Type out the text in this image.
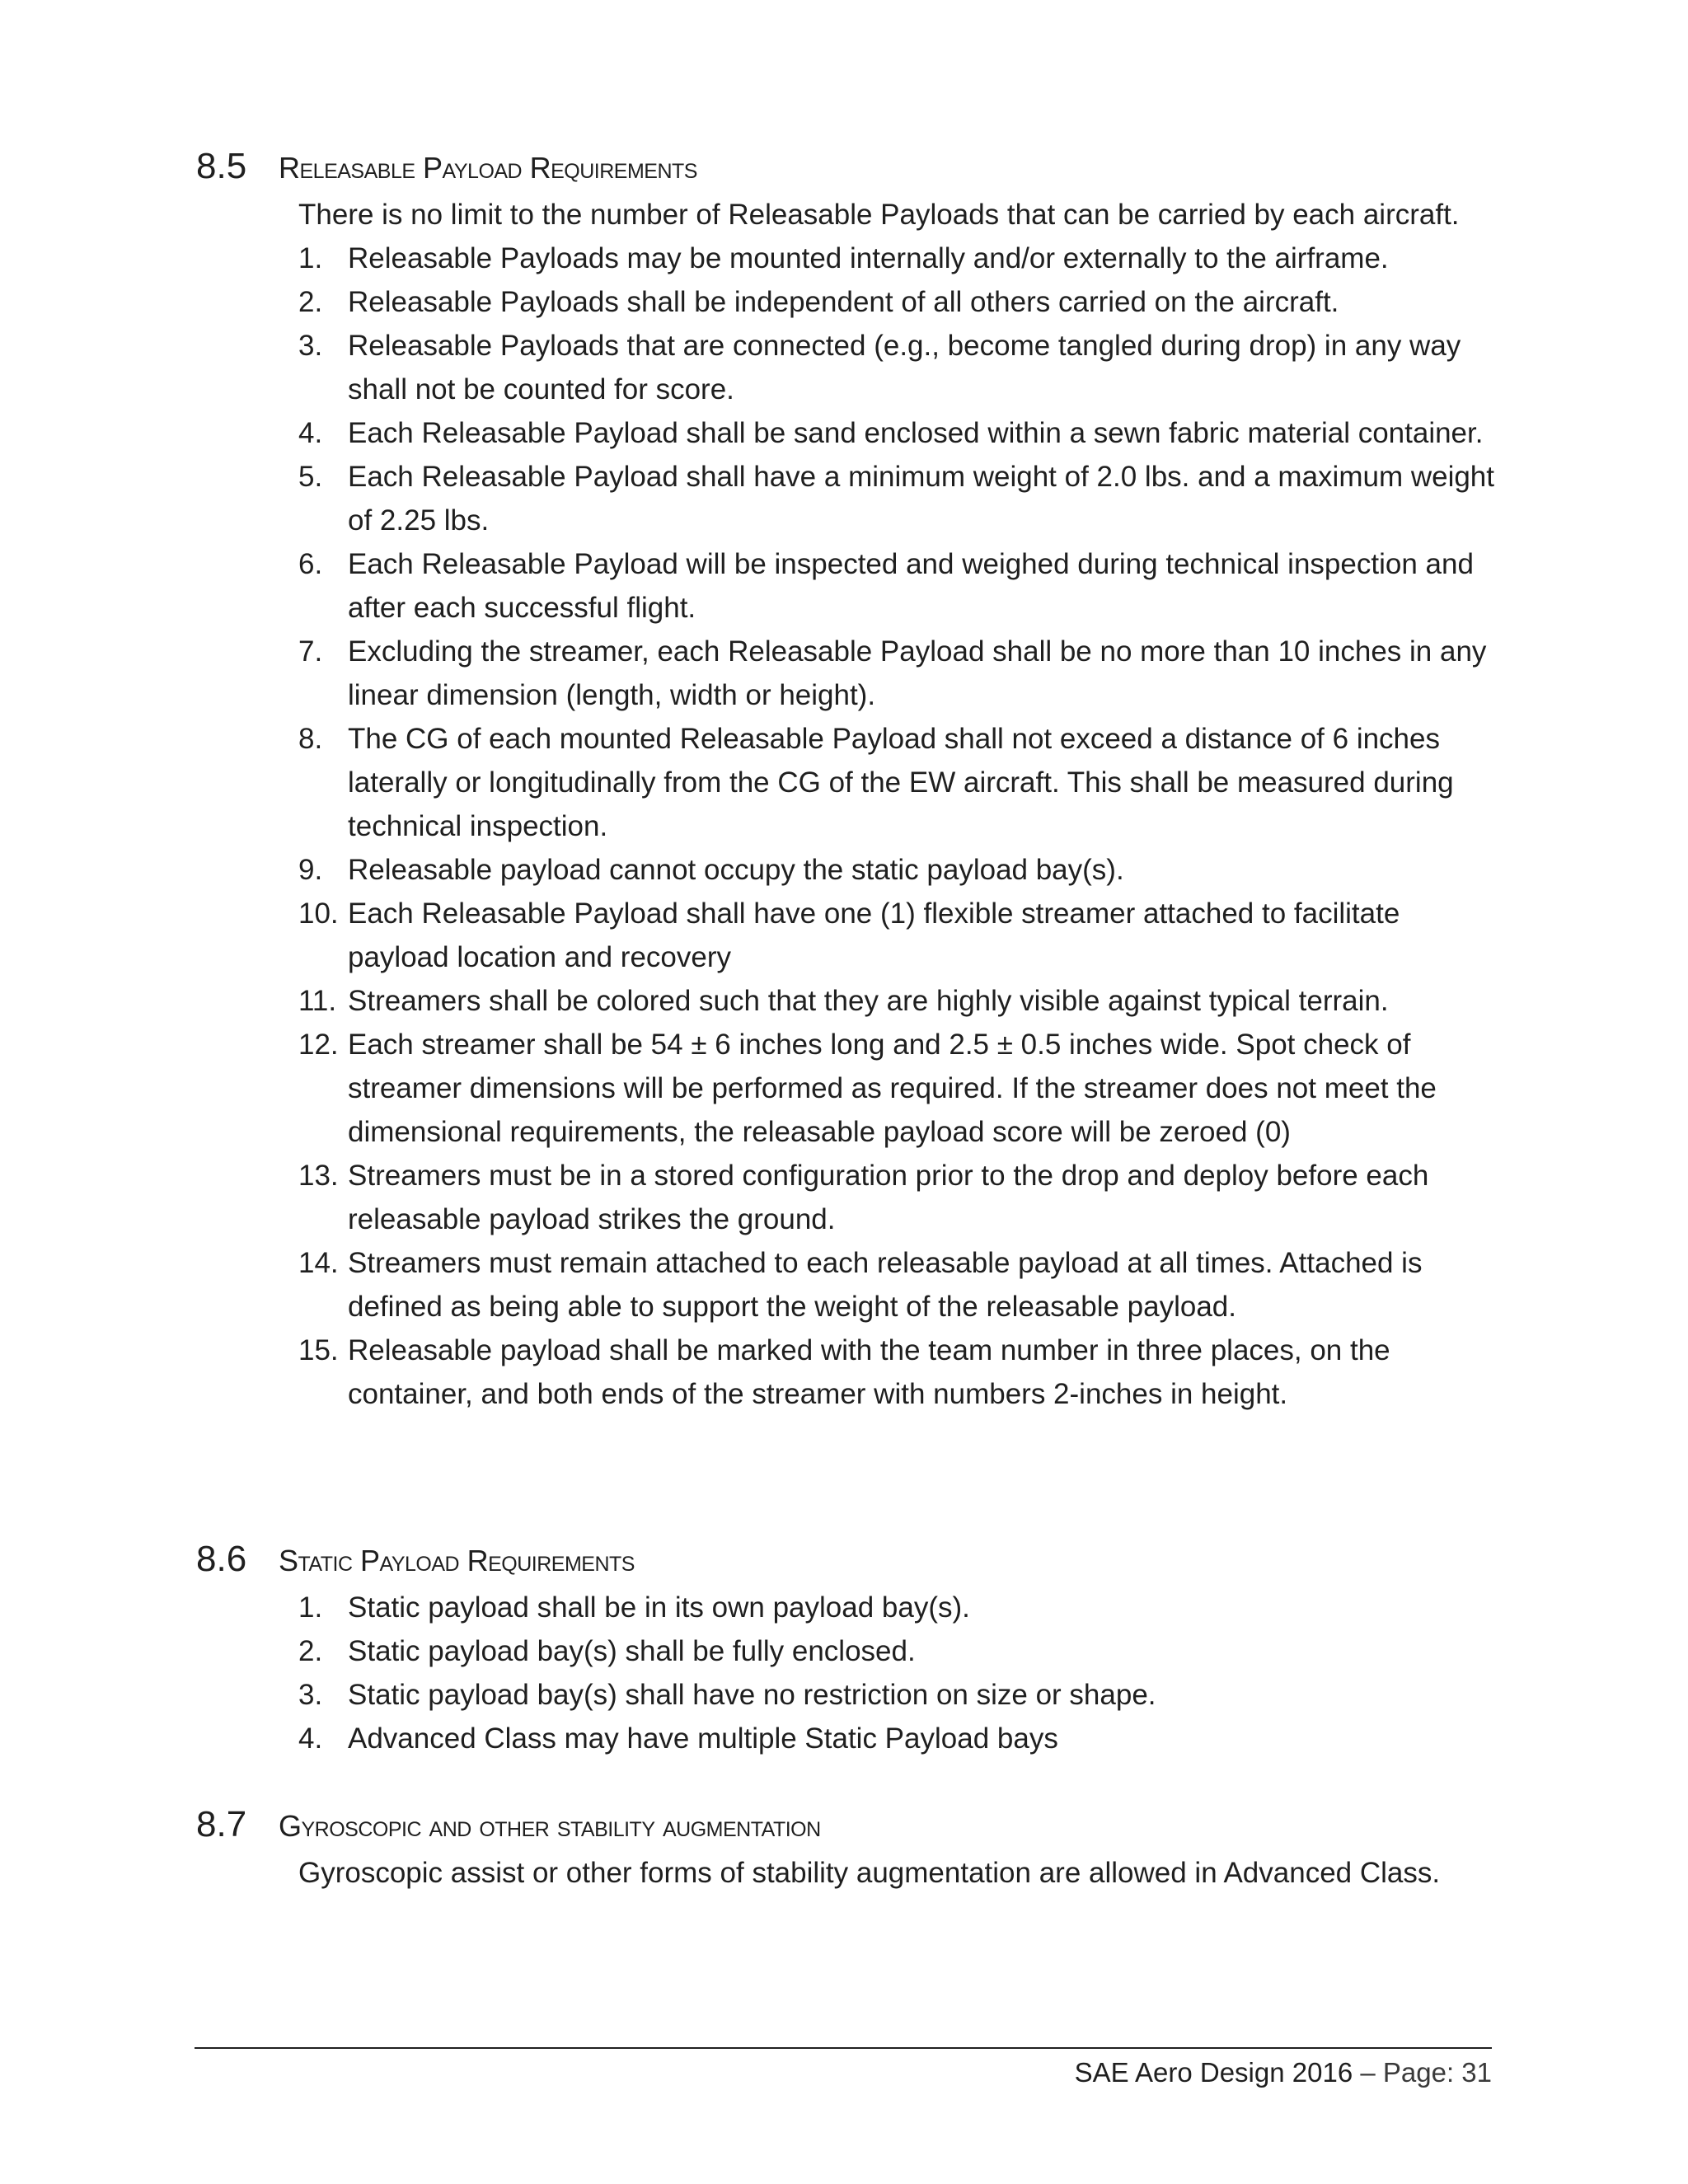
8.5 Releasable Payload Requirements
There is no limit to the number of Releasable Payloads that can be carried by each aircraft.
1. Releasable Payloads may be mounted internally and/or externally to the airframe.
2. Releasable Payloads shall be independent of all others carried on the aircraft.
3. Releasable Payloads that are connected (e.g., become tangled during drop) in any way shall not be counted for score.
4. Each Releasable Payload shall be sand enclosed within a sewn fabric material container.
5. Each Releasable Payload shall have a minimum weight of 2.0 lbs. and a maximum weight of 2.25 lbs.
6. Each Releasable Payload will be inspected and weighed during technical inspection and after each successful flight.
7. Excluding the streamer, each Releasable Payload shall be no more than 10 inches in any linear dimension (length, width or height).
8. The CG of each mounted Releasable Payload shall not exceed a distance of 6 inches laterally or longitudinally from the CG of the EW aircraft. This shall be measured during technical inspection.
9. Releasable payload cannot occupy the static payload bay(s).
10. Each Releasable Payload shall have one (1) flexible streamer attached to facilitate payload location and recovery
11. Streamers shall be colored such that they are highly visible against typical terrain.
12. Each streamer shall be 54 ± 6 inches long and 2.5 ± 0.5 inches wide. Spot check of streamer dimensions will be performed as required. If the streamer does not meet the dimensional requirements, the releasable payload score will be zeroed (0)
13. Streamers must be in a stored configuration prior to the drop and deploy before each releasable payload strikes the ground.
14. Streamers must remain attached to each releasable payload at all times. Attached is defined as being able to support the weight of the releasable payload.
15. Releasable payload shall be marked with the team number in three places, on the container, and both ends of the streamer with numbers 2-inches in height.
8.6 Static Payload Requirements
1. Static payload shall be in its own payload bay(s).
2. Static payload bay(s) shall be fully enclosed.
3. Static payload bay(s) shall have no restriction on size or shape.
4. Advanced Class may have multiple Static Payload bays
8.7 Gyroscopic and other stability augmentation
Gyroscopic assist or other forms of stability augmentation are allowed in Advanced Class.
SAE Aero Design 2016 – Page: 31
